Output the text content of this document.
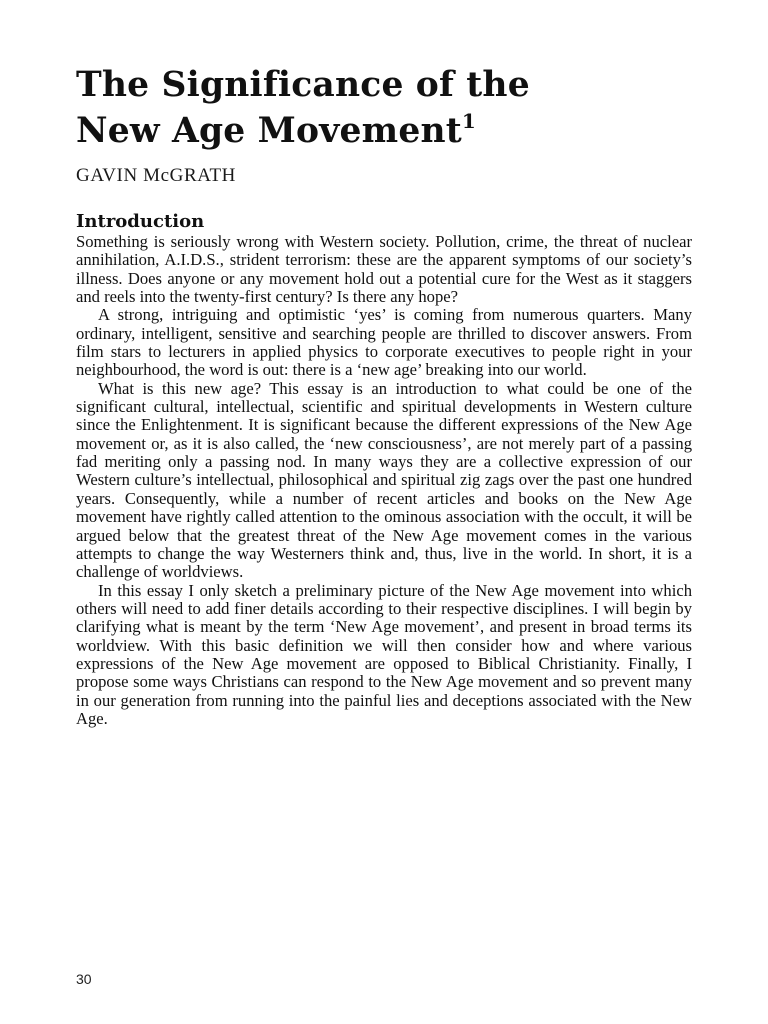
The Significance of the
New Age Movement$^1$
GAVIN McGRATH
Introduction

Something is seriously wrong with Western society. Pollution, crime, the threat of nuclear annihilation, A.I.D.S., strident terrorism: these are the apparent symptoms of our society’s illness. Does anyone or any movement hold out a potential cure for the West as it staggers and reels into the twenty-first century? Is there any hope?

A strong, intriguing and optimistic ‘yes’ is coming from numerous quarters. Many ordinary, intelligent, sensitive and searching people are thrilled to discover answers. From film stars to lecturers in applied physics to corporate executives to people right in your neighbourhood, the word is out: there is a ‘new age’ breaking into our world.

What is this new age? This essay is an introduction to what could be one of the significant cultural, intellectual, scientific and spiritual developments in Western culture since the Enlightenment. It is significant because the different expressions of the New Age movement or, as it is also called, the ‘new consciousness’, are not merely part of a passing fad meriting only a passing nod. In many ways they are a collective expression of our Western culture’s intellectual, philosophical and spiritual zig zags over the past one hundred years. Consequently, while a number of recent articles and books on the New Age movement have rightly called attention to the ominous association with the occult, it will be argued below that the greatest threat of the New Age movement comes in the various attempts to change the way Westerners think and, thus, live in the world. In short, it is a challenge of worldviews.

In this essay I only sketch a preliminary picture of the New Age movement into which others will need to add finer details according to their respective disciplines. I will begin by clarifying what is meant by the term ‘New Age movement’, and present in broad terms its worldview. With this basic definition we will then consider how and where various expressions of the New Age movement are opposed to Biblical Christianity. Finally, I propose some ways Christians can respond to the New Age movement and so prevent many in our generation from running into the painful lies and deceptions associated with the New Age.

30
